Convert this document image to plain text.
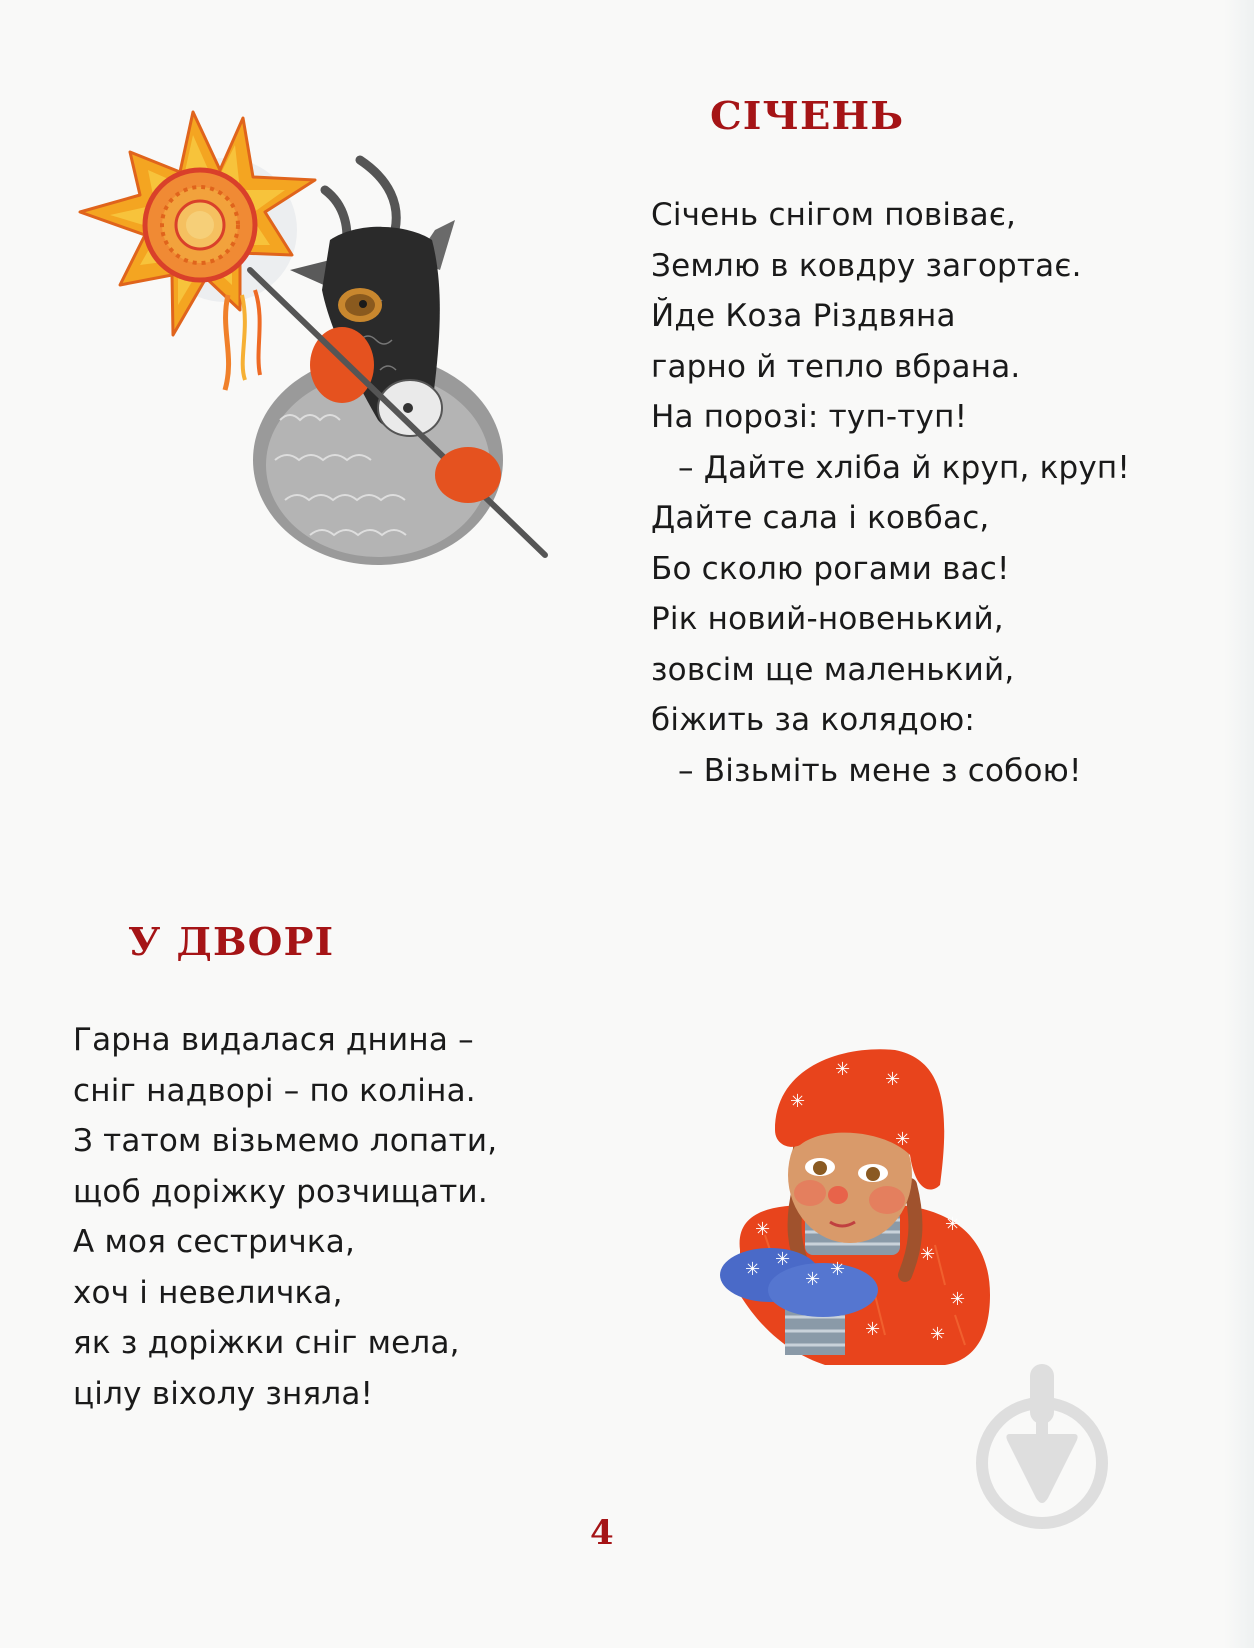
СІЧЕНЬ
Січень снігом повіває,
Землю в ковдру загортає.
Йде Коза Різдвяна
гарно й тепло вбрана.
На порозі: туп-туп!
– Дайте хліба й круп, круп!
Дайте сала і ковбас,
Бо сколю рогами вас!
Рік новий-новенький,
зовсім ще маленький,
біжить за колядою:
– Візьміть мене з собою!
У ДВОРІ
Гарна видалася днина –
сніг надворі – по коліна.
З татом візьмемо лопати,
щоб доріжку розчищати.
А моя сестричка,
хоч і невеличка,
як з доріжки сніг мела,
цілу віхолу зняла!
✳
✳
✳
✳
✳
✳
✳
✳	✳
✳ ✳
✳ ✳
✳
4
